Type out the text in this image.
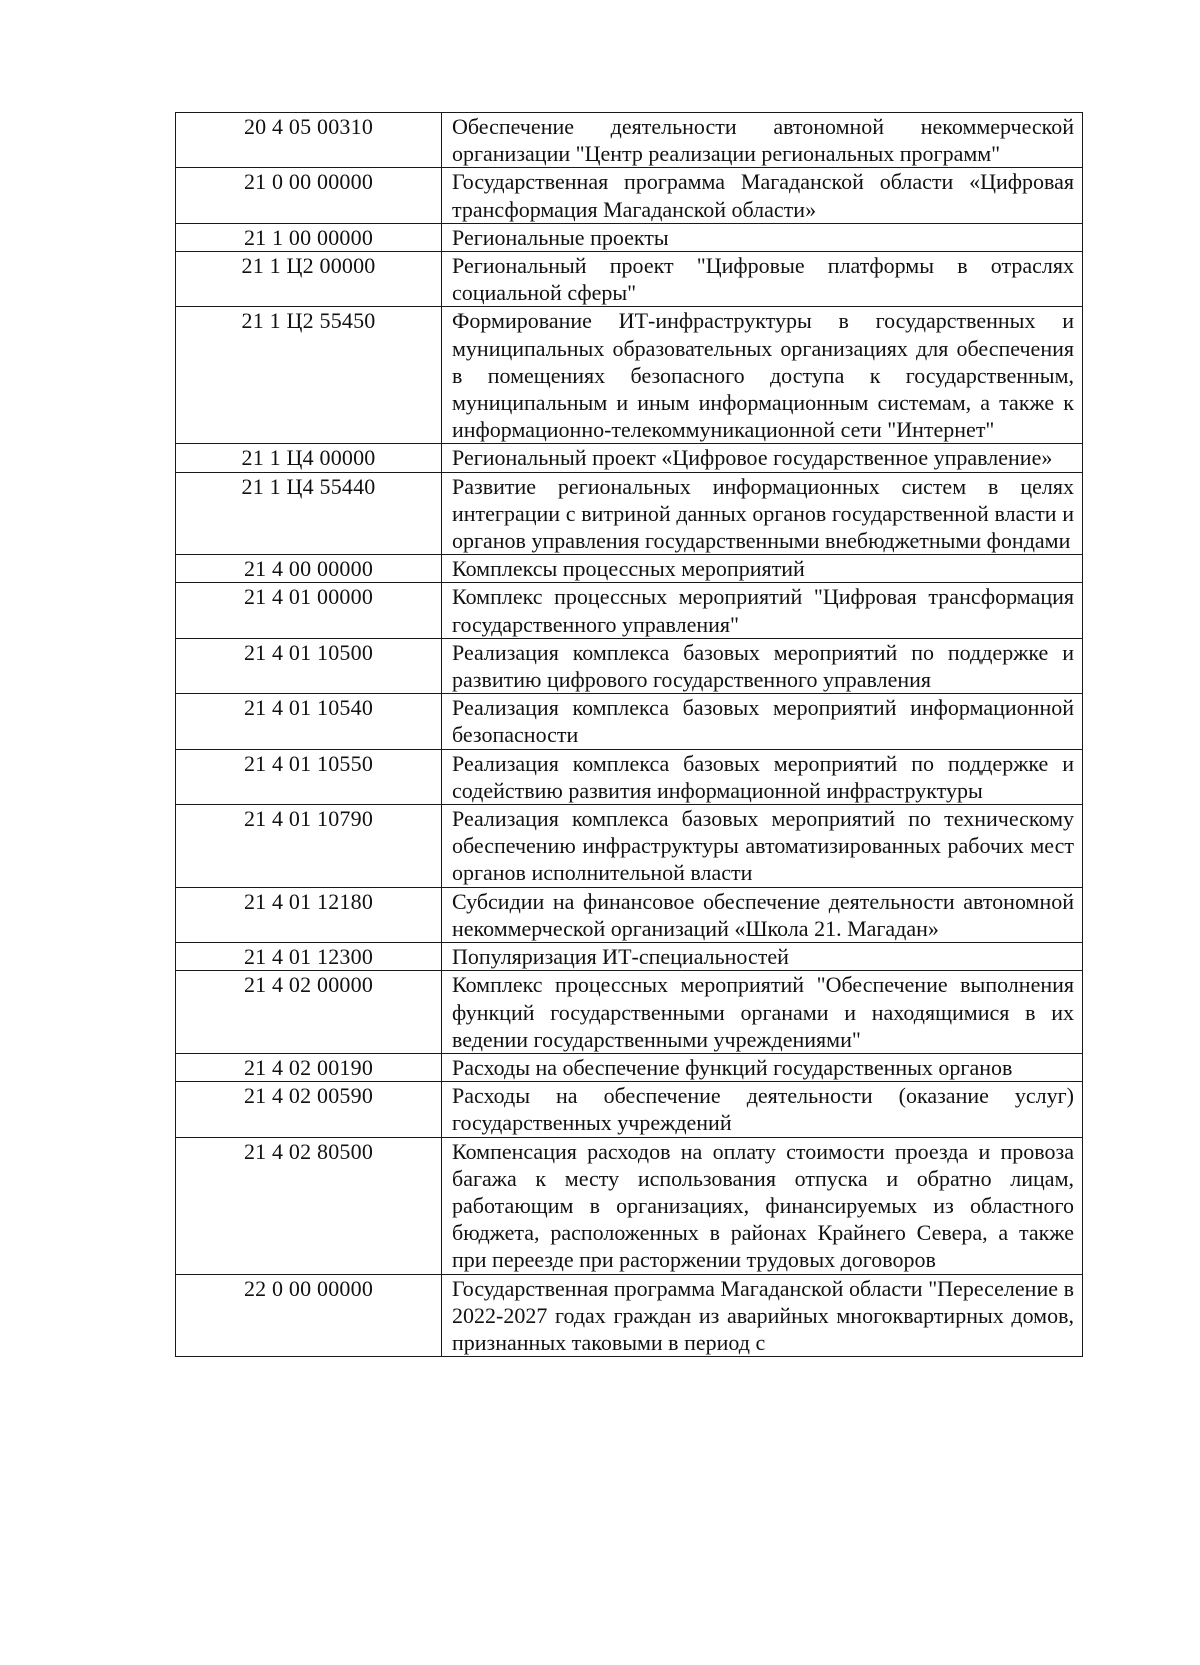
20 4 05 00310	Обеспечение деятельности автономной некоммерческой организации "Центр реализации региональных программ"
21 0 00 00000	Государственная программа Магаданской области «Цифровая трансформация Магаданской области»
21 1 00 00000	Региональные проекты
21 1 Ц2 00000	Региональный проект "Цифровые платформы в отраслях социальной сферы"
21 1 Ц2 55450	Формирование ИТ-инфраструктуры в государственных и муниципальных образовательных организациях для обеспечения в помещениях безопасного доступа к государственным, муниципальным и иным информационным системам, а также к информационно-телекоммуникационной сети "Интернет"
21 1 Ц4 00000	Региональный проект «Цифровое государственное управление»
21 1 Ц4 55440	Развитие региональных информационных систем в целях интеграции с витриной данных органов государственной власти и органов управления государственными внебюджетными фондами
21 4 00 00000	Комплексы процессных мероприятий
21 4 01 00000	Комплекс процессных мероприятий "Цифровая трансформация государственного управления"
21 4 01 10500	Реализация комплекса базовых мероприятий по поддержке и развитию цифрового государственного управления
21 4 01 10540	Реализация комплекса базовых мероприятий информационной безопасности
21 4 01 10550	Реализация комплекса базовых мероприятий по поддержке и содействию развития информационной инфраструктуры
21 4 01 10790	Реализация комплекса базовых мероприятий по техническому обеспечению инфраструктуры автоматизированных рабочих мест органов исполнительной власти
21 4 01 12180	Субсидии на финансовое обеспечение деятельности автономной некоммерческой организаций «Школа 21. Магадан»
21 4 01 12300	Популяризация ИТ-специальностей
21 4 02 00000	Комплекс процессных мероприятий "Обеспечение выполнения функций государственными органами и находящимися в их ведении государственными учреждениями"
21 4 02 00190	Расходы на обеспечение функций государственных органов
21 4 02 00590	Расходы на обеспечение деятельности (оказание услуг) государственных учреждений
21 4 02 80500	Компенсация расходов на оплату стоимости проезда и провоза багажа к месту использования отпуска и обратно лицам, работающим в организациях, финансируемых из областного бюджета, расположенных в районах Крайнего Севера, а также при переезде при расторжении трудовых договоров
22 0 00 00000	Государственная программа Магаданской области "Переселение в 2022-2027 годах граждан из аварийных многоквартирных домов, признанных таковыми в период с
